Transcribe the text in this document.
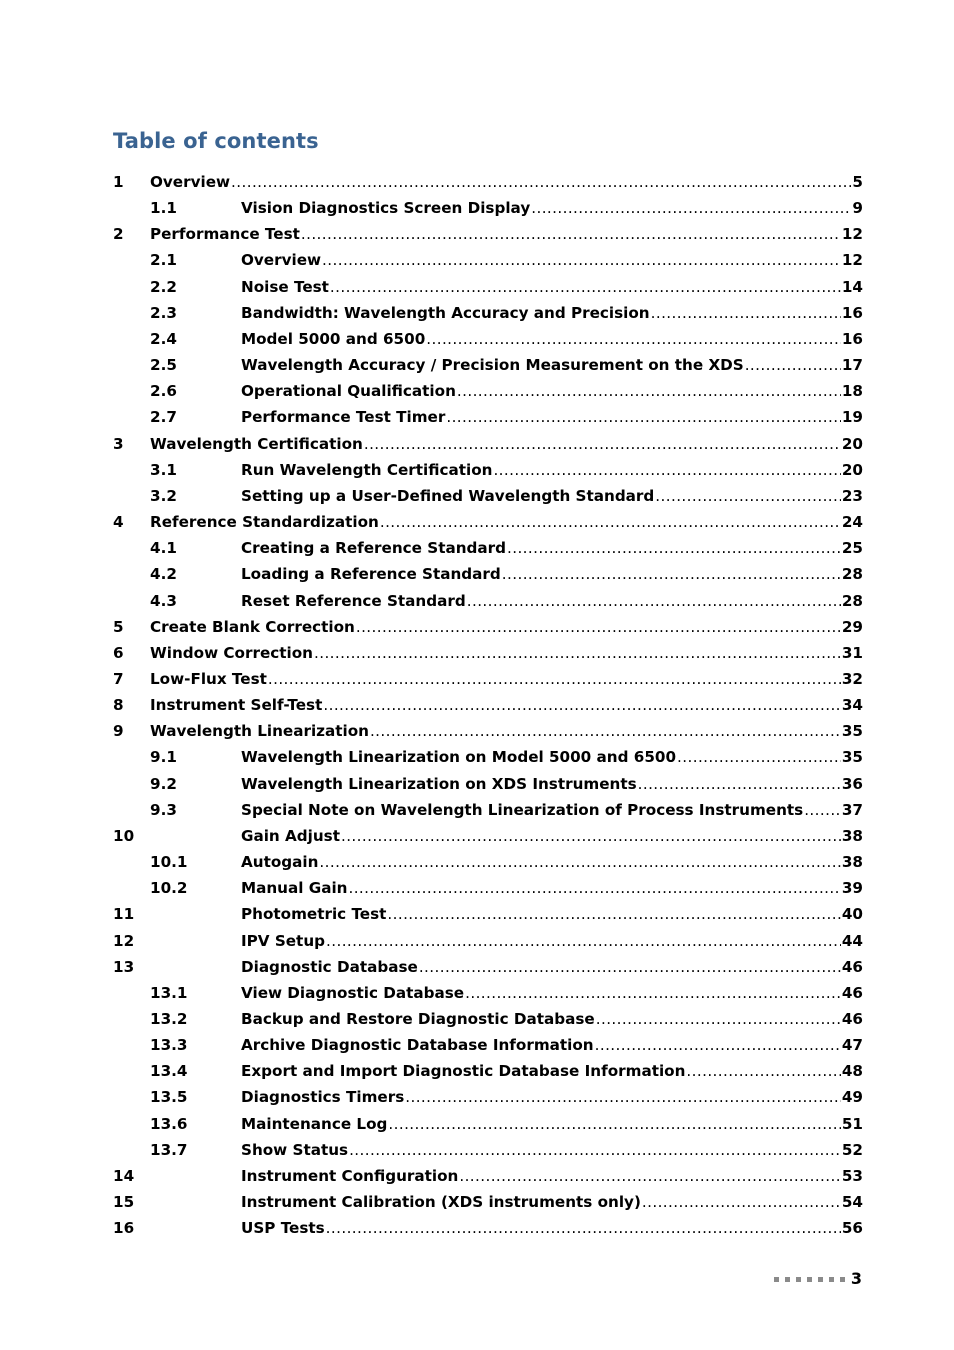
Table of contents
1 Overview .....	5
1.1	Vision Diagnostics Screen Display .....	9
2 Performance Test .....	12
2.1	Overview .....	12
2.2	Noise Test .....	14
2.3	Bandwidth: Wavelength Accuracy and Precision .....	16
2.4	Model 5000 and 6500 .....	16
2.5	Wavelength Accuracy / Precision Measurement on the XDS .....	17
2.6	Operational Qualification .....	18
2.7	Performance Test Timer .....	19
3 Wavelength Certification .....	20
3.1	Run Wavelength Certification .....	20
3.2	Setting up a User-Defined Wavelength Standard .....	23
4 Reference Standardization .....	24
4.1	Creating a Reference Standard .....	25
4.2	Loading a Reference Standard .....	28
4.3	Reset Reference Standard .....	28
5 Create Blank Correction .....	29
6 Window Correction .....	31
7 Low-Flux Test .....	32
8 Instrument Self-Test .....	34
9 Wavelength Linearization .....	35
9.1	Wavelength Linearization on Model 5000 and 6500 .....	35
9.2	Wavelength Linearization on XDS Instruments .....	36
9.3	Special Note on Wavelength Linearization of Process Instruments .....	37
10	Gain Adjust .....	38
10.1	Autogain .....	38
10.2	Manual Gain .....	39
11	Photometric Test .....	40
12	IPV Setup .....	44
13	Diagnostic Database .....	46
13.1	View Diagnostic Database .....	46
13.2	Backup and Restore Diagnostic Database .....	46
13.3	Archive Diagnostic Database Information .....	47
13.4	Export and Import Diagnostic Database Information .....	48
13.5	Diagnostics Timers .....	49
13.6	Maintenance Log .....	51
13.7	Show Status .....	52
14	Instrument Configuration .....	53
15	Instrument Calibration (XDS instruments only) .....	54
16	USP Tests .....	56
3
